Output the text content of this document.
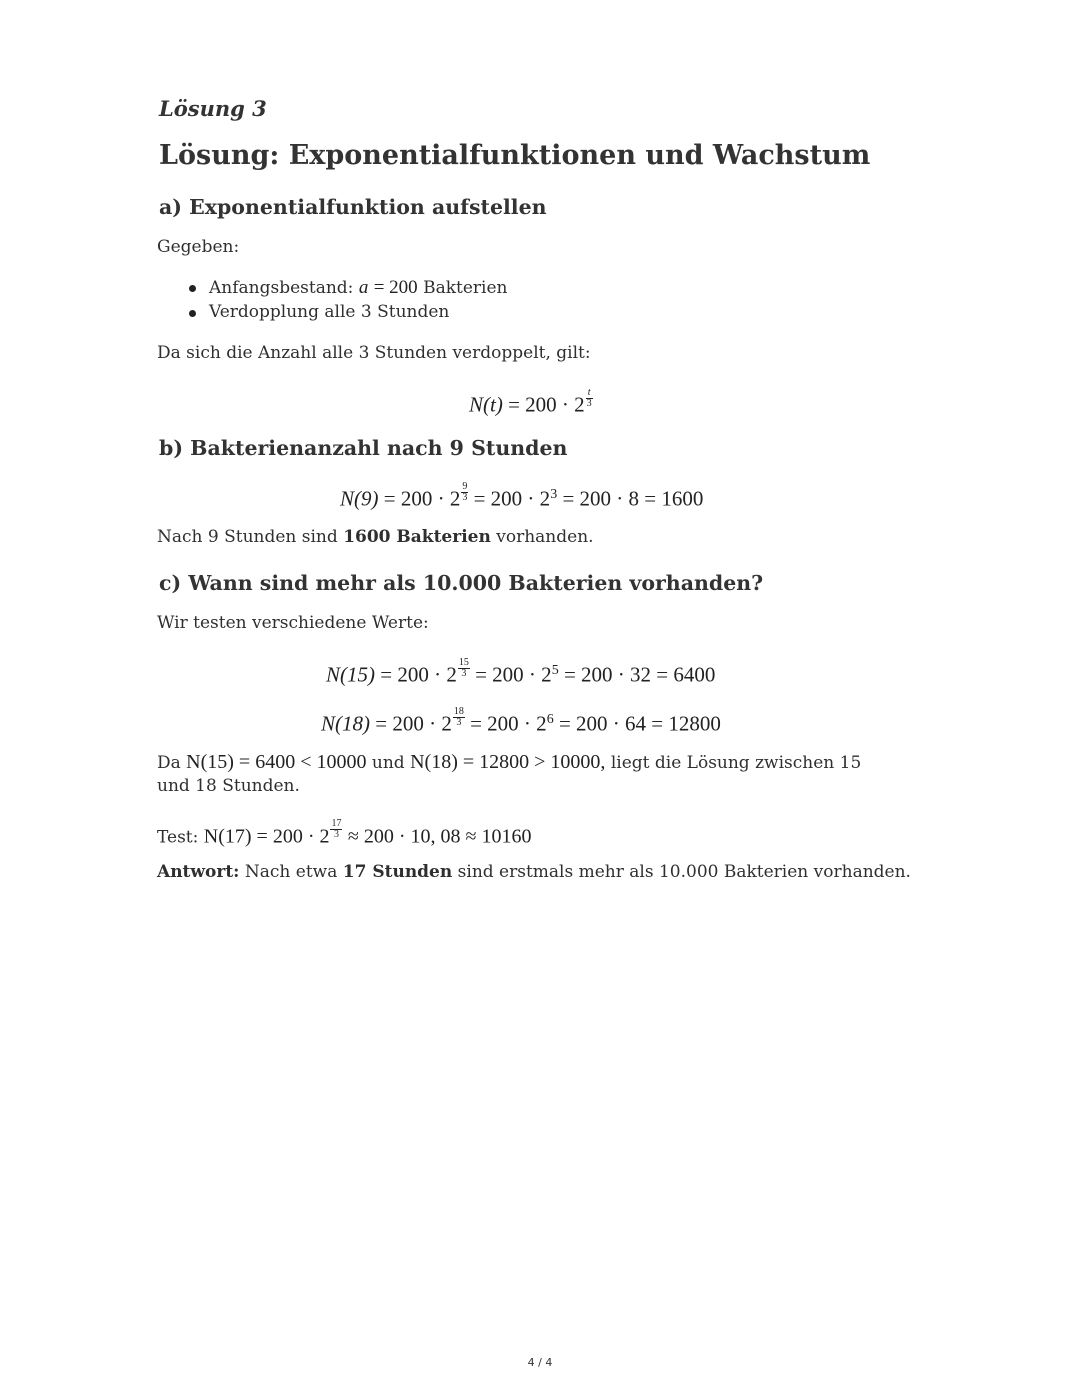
Lösung 3
Lösung: Exponentialfunktionen und Wachstum
a) Exponentialfunktion aufstellen
Gegeben:
Anfangsbestand: a = 200 Bakterien
Verdopplung alle 3 Stunden
Da sich die Anzahl alle 3 Stunden verdoppelt, gilt:
$N(t) = 200 \cdot 2 \frac{t}{3}$
b) Bakterienanzahl nach 9 Stunden
$N(9) = 200 \cdot 2 \frac{9}{3} = 200 \cdot 2^3 = 200 \cdot 8 = 1600$
Nach 9 Stunden sind 1600 Bakterien vorhanden.
c) Wann sind mehr als 10.000 Bakterien vorhanden?
Wir testen verschiedene Werte:
$N(15) = 200 \cdot 2 \frac{15}{3} = 200 \cdot 2^5 = 200 \cdot 32 = 6400$
$N(18) = 200 \cdot 2 \frac{18}{3} = 200 \cdot 2^6 = 200 \cdot 64 = 12800$
Da N(15) = 6400 < 10000 und N(18) = 12800 > 10000, liegt die Lösung zwischen 15
und 18 Stunden.
Test: $N(17) = 200 \cdot 2 \frac{17}{3} \approx 200 \cdot 10$, 08 ≈ 10160
Antwort: Nach etwa 17 Stunden sind erstmals mehr als 10.000 Bakterien vorhanden.
4 / 4
